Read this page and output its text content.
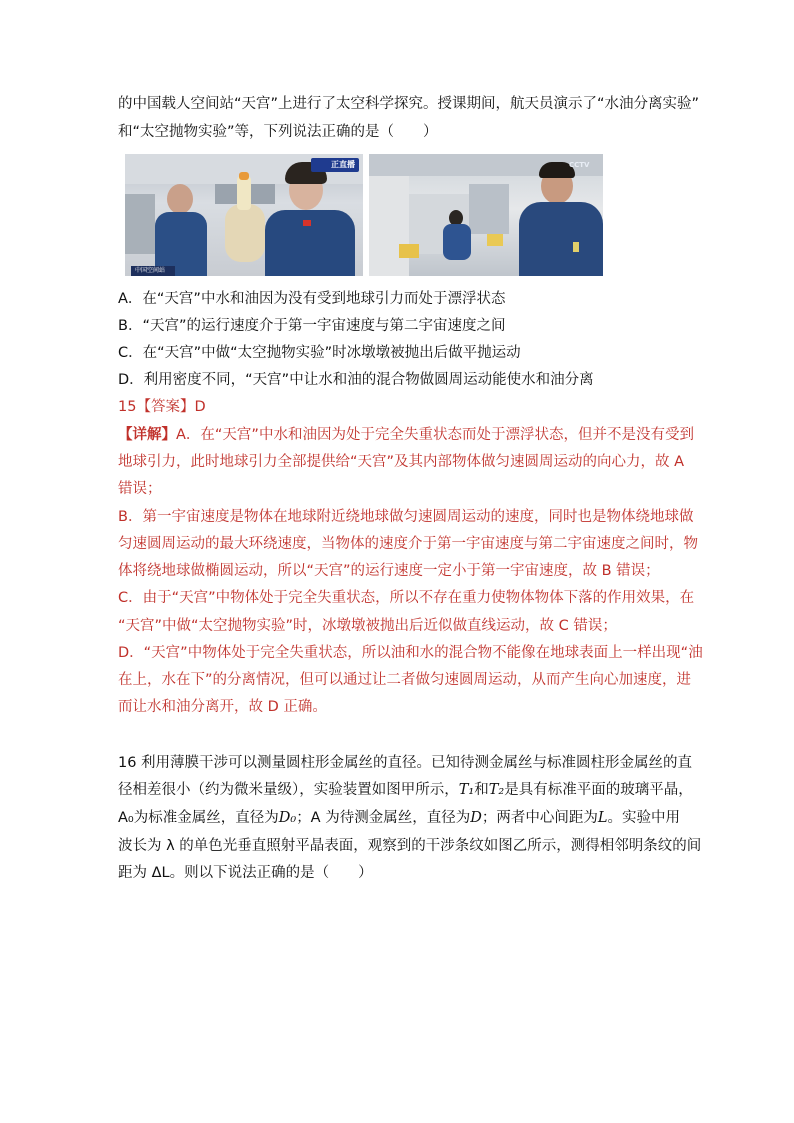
的中国载人空间站“天宫”上进行了太空科学探究。授课期间，航天员演示了“水油分离实验”
和“太空抛物实验”等，下列说法正确的是（　　）
正直播
中国空间站
CCTV
A．在“天宫”中水和油因为没有受到地球引力而处于漂浮状态
B．“天宫”的运行速度介于第一宇宙速度与第二宇宙速度之间
C．在“天宫”中做“太空抛物实验”时冰墩墩被抛出后做平抛运动
D．利用密度不同，“天宫”中让水和油的混合物做圆周运动能使水和油分离
15【答案】D
【详解】A．在“天宫”中水和油因为处于完全失重状态而处于漂浮状态，但并不是没有受到
地球引力，此时地球引力全部提供给“天宫”及其内部物体做匀速圆周运动的向心力，故 A
错误；
B．第一宇宙速度是物体在地球附近绕地球做匀速圆周运动的速度，同时也是物体绕地球做
匀速圆周运动的最大环绕速度，当物体的速度介于第一宇宙速度与第二宇宙速度之间时，物
体将绕地球做椭圆运动，所以“天宫”的运行速度一定小于第一宇宙速度，故 B 错误；
C．由于“天宫”中物体处于完全失重状态，所以不存在重力使物体物体下落的作用效果，在
“天宫”中做“太空抛物实验”时，冰墩墩被抛出后近似做直线运动，故 C 错误；
D．“天宫”中物体处于完全失重状态，所以油和水的混合物不能像在地球表面上一样出现“油
在上，水在下”的分离情况，但可以通过让二者做匀速圆周运动，从而产生向心加速度，进
而让水和油分离开，故 D 正确。
16 利用薄膜干涉可以测量圆柱形金属丝的直径。已知待测金属丝与标准圆柱形金属丝的直
径相差很小（约为微米量级），实验装置如图甲所示，T₁和T₂是具有标准平面的玻璃平晶，
A₀为标准金属丝，直径为D₀；A 为待测金属丝，直径为D；两者中心间距为L。实验中用
波长为 λ 的单色光垂直照射平晶表面，观察到的干涉条纹如图乙所示，测得相邻明条纹的间
距为 ΔL。则以下说法正确的是（　　）
